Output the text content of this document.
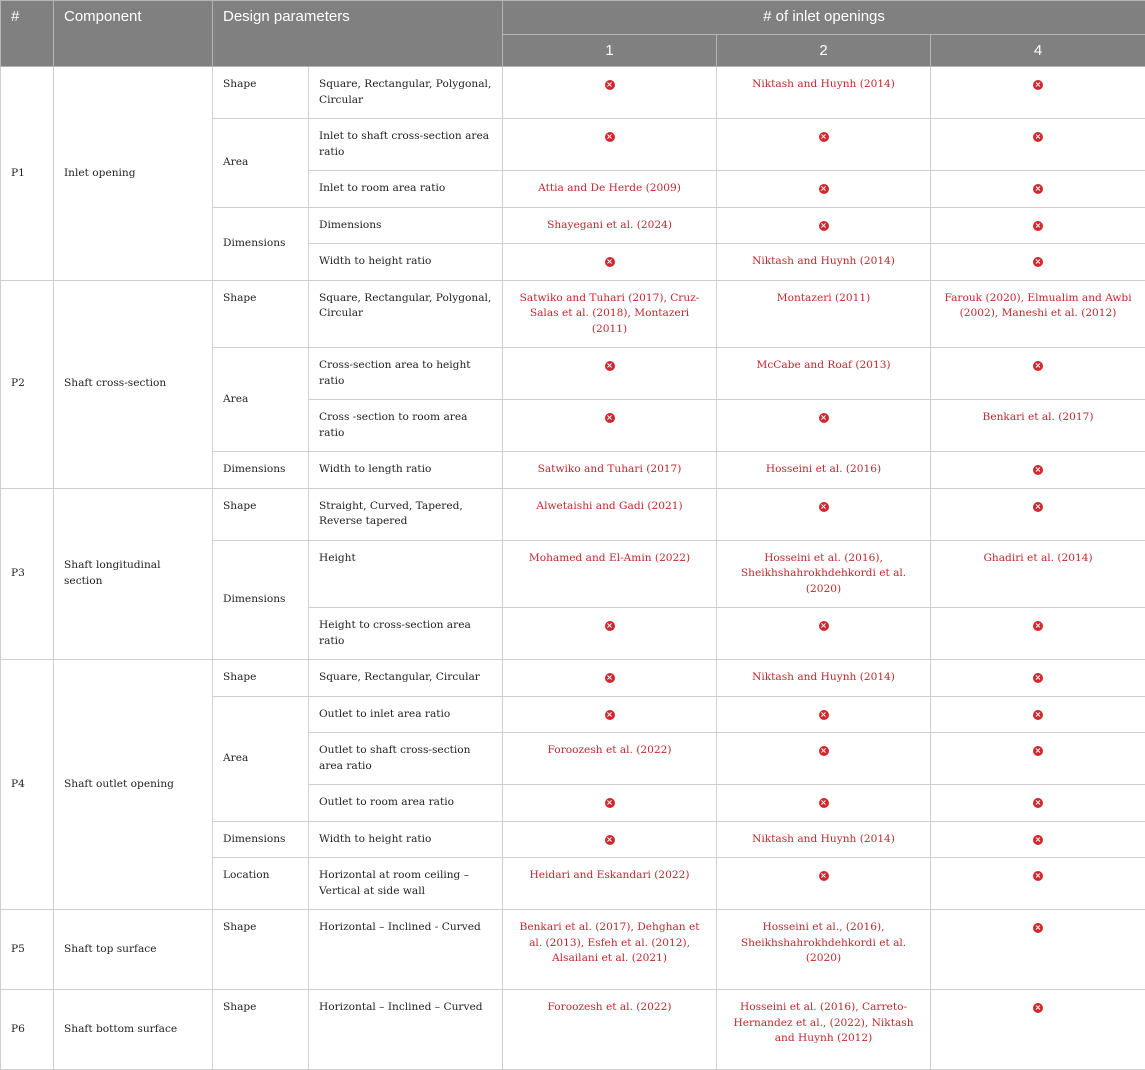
#	Component	Design parameters		# of inlet openings		
				1	2	4
P1	Inlet opening	Shape	Square, Rectangular, Polygonal, Circular	×	Niktash and Huynh (2014)	×
		Area	Inlet to shaft cross-section area ratio	×	×	×
			Inlet to room area ratio	Attia and De Herde (2009)	×	×
		Dimensions	Dimensions	Shayegani et al. (2024)	×	×
			Width to height ratio	×	Niktash and Huynh (2014)	×
P2	Shaft cross-section	Shape	Square, Rectangular, Polygonal, Circular	Satwiko and Tuhari (2017), Cruz-Salas et al. (2018), Montazeri (2011)	Montazeri (2011)	Farouk (2020), Elmualim and Awbi (2002), Maneshi et al. (2012)
		Area	Cross-section area to height ratio	×	McCabe and Roaf (2013)	×
			Cross -section to room area ratio	×	×	Benkari et al. (2017)
		Dimensions	Width to length ratio	Satwiko and Tuhari (2017)	Hosseini et al. (2016)	×
P3	Shaft longitudinal section	Shape	Straight, Curved, Tapered, Reverse tapered	Alwetaishi and Gadi (2021)	×	×
		Dimensions	Height	Mohamed and El-Amin (2022)	Hosseini et al. (2016), Sheikhshahrokhdehkordi et al. (2020)	Ghadiri et al. (2014)
			Height to cross-section area ratio	×	×	×
P4	Shaft outlet opening	Shape	Square, Rectangular, Circular	×	Niktash and Huynh (2014)	×
		Area	Outlet to inlet area ratio	×	×	×
			Outlet to shaft cross-section area ratio	Foroozesh et al. (2022)	×	×
			Outlet to room area ratio	×	×	×
		Dimensions	Width to height ratio	×	Niktash and Huynh (2014)	×
		Location	Horizontal at room ceiling – Vertical at side wall	Heidari and Eskandari (2022)	×	×
P5	Shaft top surface	Shape	Horizontal – Inclined - Curved	Benkari et al. (2017), Dehghan et al. (2013), Esfeh et al. (2012), Alsailani et al. (2021)	Hosseini et al., (2016), Sheikhshahrokhdehkordi et al. (2020)	×
P6	Shaft bottom surface	Shape	Horizontal – Inclined – Curved	Foroozesh et al. (2022)	Hosseini et al. (2016), Carreto-Hernandez et al., (2022), Niktash and Huynh (2012)	×
